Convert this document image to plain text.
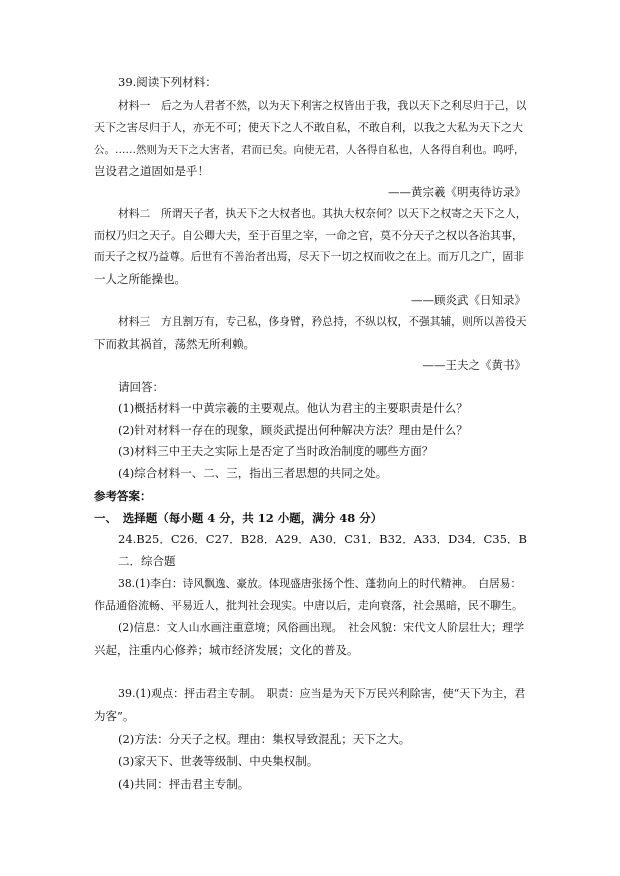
39.阅读下列材料：
材料一　后之为人君者不然，以为天下利害之权皆出于我，我以天下之利尽归于己，以
天下之害尽归于人，亦无不可；使天下之人不敢自私，不敢自利，以我之大私为天下之大
公。……然则为天下之大害者，君而已矣。向使无君，人各得自私也，人各得自利也。呜呼，
岂设君之道固如是乎！
——黄宗羲《明夷待访录》
材料二　所谓天子者，执天下之大权者也。其执大权奈何？以天下之权寄之天下之人，
而权乃归之天子。自公卿大夫，至于百里之宰，一命之官，莫不分天子之权以各治其事，
而天子之权乃益尊。后世有不善治者出焉，尽天下一切之权而收之在上。而万几之广，固非
一人之所能操也。
——顾炎武《日知录》
材料三　方且割万有，专己私，侈身臂，矜总持，不纵以权，不强其辅，则所以善役天
下而救其祸首，荡然无所利赖。
——王夫之《黄书》
请回答：
(1)概括材料一中黄宗羲的主要观点。他认为君主的主要职责是什么？
(2)针对材料一存在的现象，顾炎武提出何种解决方法？理由是什么？
(3)材料三中王夫之实际上是否定了当时政治制度的哪些方面？
(4)综合材料一、二、三，指出三者思想的共同之处。
参考答案：
一、　选择题（每小题 4 分，共 12 小题，满分 48 分）
24.B25．C26．C27．B28．A29．A30．C31．B32．A33．D34．C35．B
二．综合题
38.(1)李白：诗风飘逸、豪放。体现盛唐张扬个性、蓬勃向上的时代精神。　白居易：
作品通俗流畅、平易近人，批判社会现实。中唐以后，走向衰落，社会黑暗，民不聊生。
(2)信息：文人山水画注重意境；风俗画出现。　社会风貌：宋代文人阶层壮大；理学
兴起，注重内心修养；城市经济发展；文化的普及。
39.(1)观点：抨击君主专制。　职责：应当是为天下万民兴利除害，使“天下为主，君
为客”。
(2)方法：分天子之权。理由：集权导致混乱；天下之大。
(3)家天下、世袭等级制、中央集权制。
(4)共同：抨击君主专制。
